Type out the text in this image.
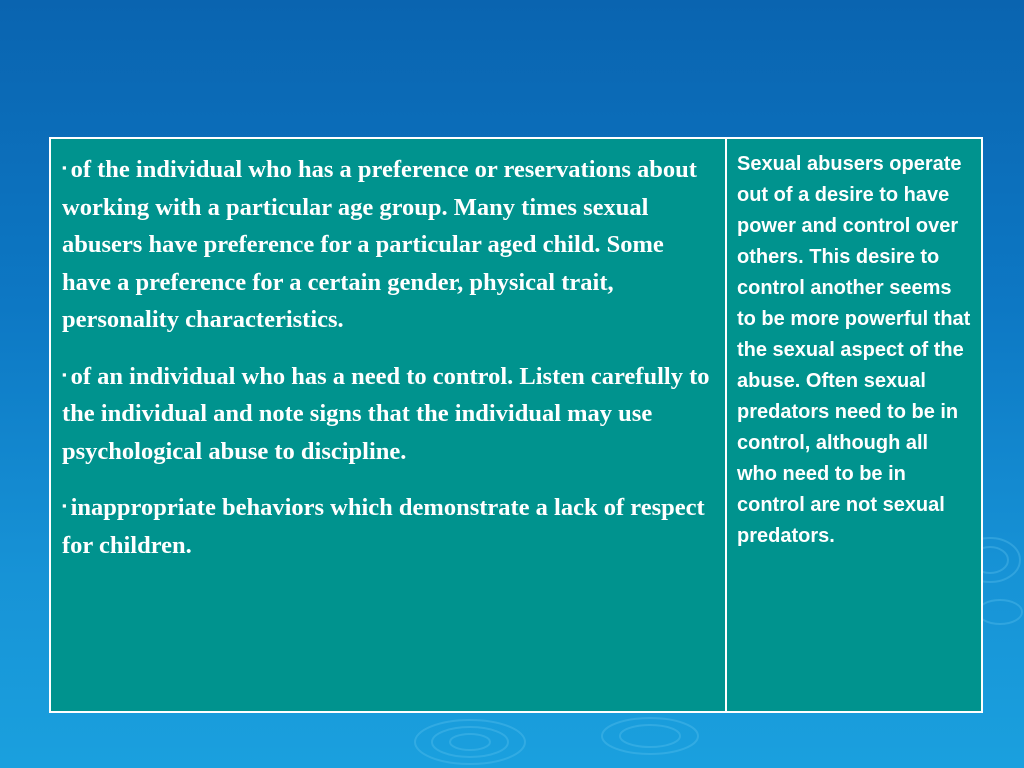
▪ of the individual who has a preference or reservations about working with a particular age group. Many times sexual abusers have preference for a particular aged child. Some have a preference for a certain gender, physical trait, personality characteristics.

▪ of an individual who has a need to control. Listen carefully to the individual and note signs that the individual may use psychological abuse to discipline.

▪ inappropriate behaviors which demonstrate a lack of respect for children.

Sexual abusers operate out of a desire to have power and control over others. This desire to control another seems to be more powerful that the sexual aspect of the abuse. Often sexual predators need to be in control, although all who need to be in control are not sexual predators.
